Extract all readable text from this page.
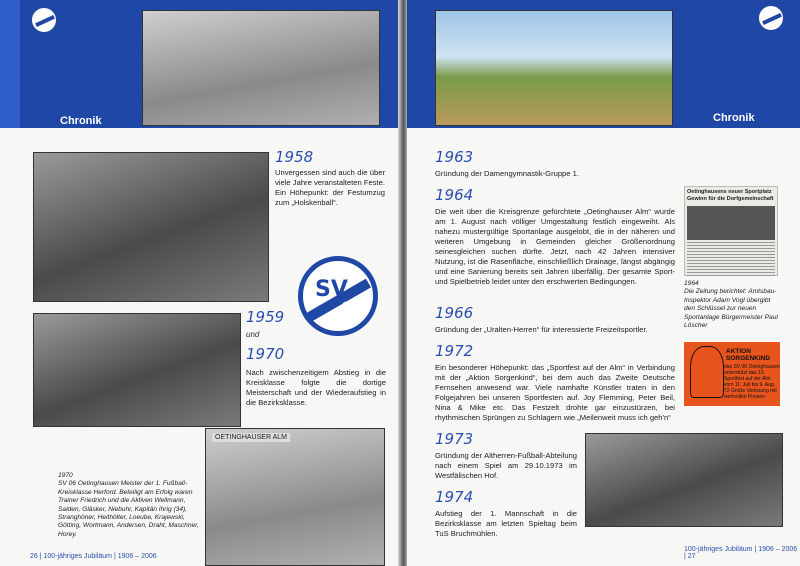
Chronik
1958
Unvergessen sind auch die über viele Jahre veranstalteten Feste. Ein Höhepunkt: der Festumzug zum „Holskenball“.
SV
06
1959
und
1970
Nach zwischenzeitigem Abstieg in die Kreisklasse folgte die dortige Meisterschaft und der Wiederaufstieg in die Bezirksklasse.
1970
SV 06 Oetinghausen Meister der 1. Fußball-Kreisklasse Herford. Beteiligt am Erfolg waren Trainer Friedrich und die Aktiven Wellmann, Salden, Gläsker, Niebuhr, Kapitän Ihrig (34), Stranghöner, Heithölter, Loeube, Krajewski, Götting, Wortmann, Andersen, Draht, Maschner, Horey.
OETINGHAUSER ALM
26 | 100-jähriges Jubiläum | 1906 – 2006
Chronik
1963
Gründung der Damengymnastik-Gruppe 1.
1964
Die weit über die Kreisgrenze gefürchtete „Oetinghauser Alm“ wurde am 1. August nach völliger Umgestaltung festlich eingeweiht. Als nahezu mustergültige Sportanlage ausgelobt, die in der näheren und weiteren Umgebung in Gemeinden gleicher Größenordnung seinesgleichen suchen dürfte. Jetzt, nach 42 Jahren intensiver Nutzung, ist die Rasenfläche, einschließlich Drainage, längst abgängig und eine Sanierung bereits seit Jahren überfällig. Der gesamte Sport- und Spielbetrieb leidet unter den erschwerten Bedingungen.
Oetinghausens neuer Sportplatz Gewinn für die Dorfgemeinschaft
1964
Die Zeitung berichtet: Amtsbau-Inspektor Adam Vogl übergibt den Schlüssel zur neuen Sportanlage Bürgermeister Paul Löscher
1966
Gründung der „Uralten-Herren“ für interessierte Freizeitsportler.
1972
Ein besonderer Höhepunkt: das „Sportfest auf der Alm“ in Verbindung mit der „Aktion Sorgenkind“, bei dem auch das Zweite Deutsche Fernsehen anwesend war. Viele namhafte Künstler traten in den Folgejahren bei unseren Sportfesten auf. Joy Flemming, Peter Beil, Nina & Mike etc. Das Festzelt drohte gar einzustürzen, bei rhythmischen Sprüngen zu Schlagern wie „Meilenweit muss ich geh'n“
AKTION SORGENKIND
das SV 06 Oetinghausen unterstützt das 15. Sportfest auf der Alm vom 11. Juli bis 9. Aug. 72 Große Verlosung mit wertvollen Preisen
1973
Gründung der Altherren-Fußball-Abteilung nach einem Spiel am 29.10.1973 im Westfälischen Hof.
1974
Aufstieg der 1. Mannschaft in die Bezirksklasse am letzten Spieltag beim TuS Bruchmühlen.
100-jähriges Jubiläum | 1906 – 2006 | 27
